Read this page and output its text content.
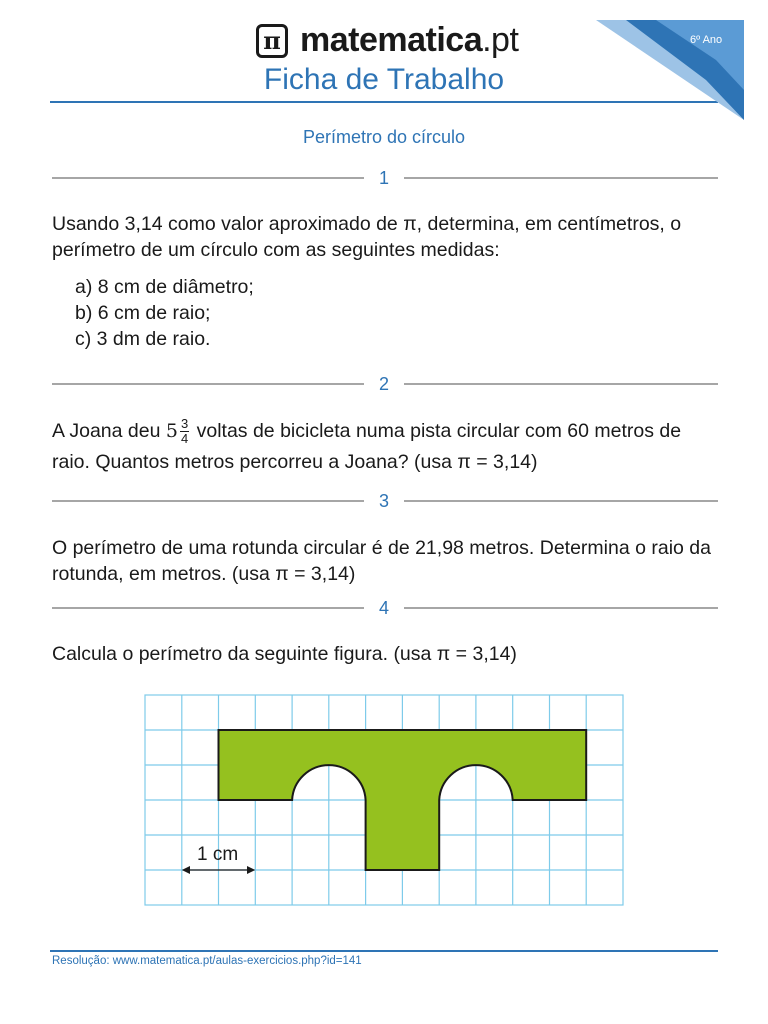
π matematica.pt
Ficha de Trabalho
6º Ano
Perímetro do círculo
1
Usando 3,14 como valor aproximado de π, determina, em centímetros, o perímetro de um círculo com as seguintes medidas:
a) 8 cm de diâmetro;
b) 6 cm de raio;
c) 3 dm de raio.
2
A Joana deu $5 \frac{3}{4}$ voltas de bicicleta numa pista circular com 60 metros de raio. Quantos metros percorreu a Joana? (usa π = 3,14)
3
O perímetro de uma rotunda circular é de 21,98 metros. Determina o raio da rotunda, em metros. (usa π = 3,14)
4
Calcula o perímetro da seguinte figura. (usa π = 3,14)
1 cm
Resolução: www.matematica.pt/aulas-exercicios.php?id=141
